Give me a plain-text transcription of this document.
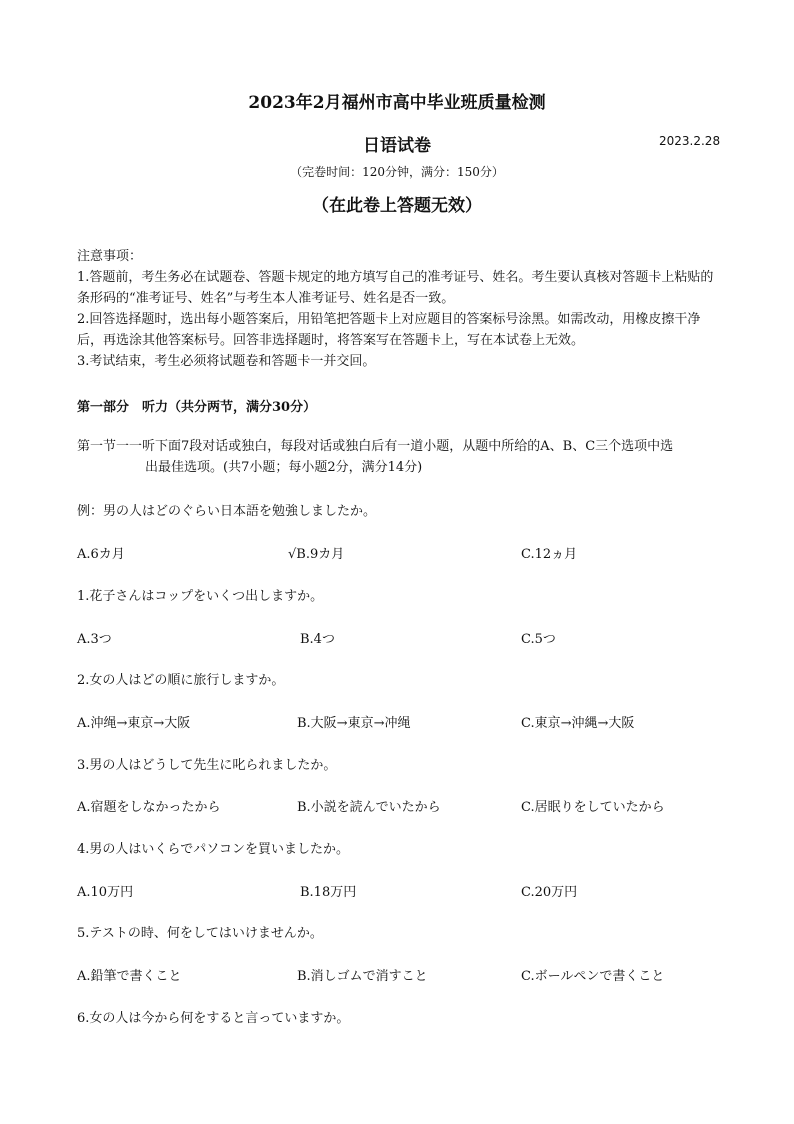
2023年2月福州市高中毕业班质量检测
日语试卷	2023.2.28
（完卷时间：120分钟，满分：150分）
（在此卷上答题无效）

注意事项：

1.答题前，考生务必在试题卷、答题卡规定的地方填写自己的准考证号、姓名。考生要认真核对答题卡上粘贴的条形码的“准考证号、姓名”与考生本人准考证号、姓名是否一致。

2.回答选择题时，选出每小题答案后，用铅笔把答题卡上对应题目的答案标号涂黑。如需改动，用橡皮擦干净后，再选涂其他答案标号。回答非选择题时，将答案写在答题卡上，写在本试卷上无效。

3.考试结束，考生必须将试题卷和答题卡一并交回。

第一部分　听力（共分两节，满分30分）
第一节一一听下面7段对话或独白，每段对话或独白后有一道小题，从题中所给的A、B、C三个选项中选
出最佳选项。(共7小题；每小题2分，满分14分)
例：男の人はどのぐらい日本語を勉強しましたか。
A.6カ月	√B.9カ月	C.12ヵ月
1.花子さんはコップをいくつ出しますか。
A.3つ	B.4つ	C.5つ
2.女の人はどの順に旅行しますか。
A.沖绳→東京→大阪	B.大阪→東京→冲绳	C.東京→沖縄→大阪
3.男の人はどうして先生に叱られましたか。
A.宿題をしなかったから	B.小説を読んでいたから	C.居眠りをしていたから
4.男の人はいくらでパソコンを買いましたか。
A.10万円	B.18万円	C.20万円
5.テストの時、何をしてはいけませんか。
A.鉛筆で書くこと	B.消しゴムで消すこと	C.ボールペンで書くこと
6.女の人は今から何をすると言っていますか。
